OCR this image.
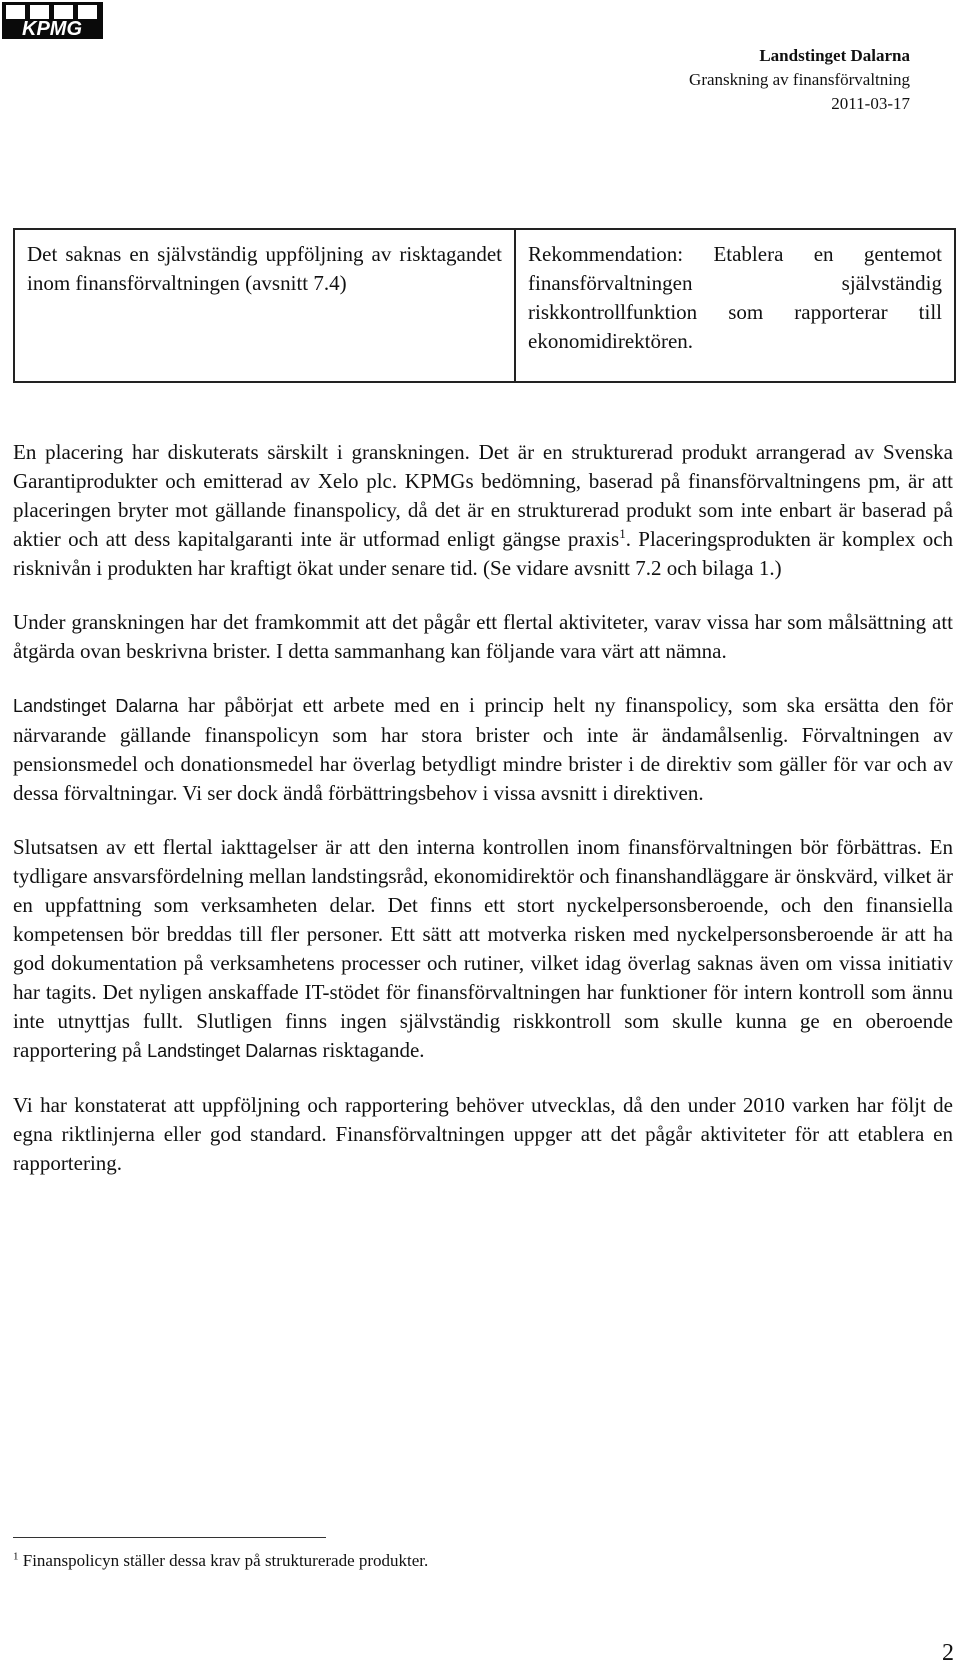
KPMG
Landstinget Dalarna
Granskning av finansförvaltning
2011-03-17
Det saknas en självständig uppföljning av risktagandet inom finansförvaltningen (avsnitt 7.4)	Rekommendation: Etablera en gentemot finansförvaltningen självständig riskkontrollfunktion som rapporterar till ekonomidirektören.

En placering har diskuterats särskilt i granskningen. Det är en strukturerad produkt arrangerad av Svenska Garantiprodukter och emitterad av Xelo plc. KPMGs bedömning, baserad på finansförvaltningens pm, är att placeringen bryter mot gällande finanspolicy, då det är en strukturerad produkt som inte enbart är baserad på aktier och att dess kapitalgaranti inte är utformad enligt gängse praxis$^1$. Placeringsprodukten är komplex och risknivån i produkten har kraftigt ökat under senare tid. (Se vidare avsnitt 7.2 och bilaga 1.)

Under granskningen har det framkommit att det pågår ett flertal aktiviteter, varav vissa har som målsättning att åtgärda ovan beskrivna brister. I detta sammanhang kan följande vara värt att nämna.

Landstinget Dalarna har påbörjat ett arbete med en i princip helt ny finanspolicy, som ska ersätta den för närvarande gällande finanspolicyn som har stora brister och inte är ändamålsenlig. Förvaltningen av pensionsmedel och donationsmedel har överlag betydligt mindre brister i de direktiv som gäller för var och av dessa förvaltningar. Vi ser dock ändå förbättringsbehov i vissa avsnitt i direktiven.

Slutsatsen av ett flertal iakttagelser är att den interna kontrollen inom finansförvaltningen bör förbättras. En tydligare ansvarsfördelning mellan landstingsråd, ekonomidirektör och finanshandläggare är önskvärd, vilket är en uppfattning som verksamheten delar. Det finns ett stort nyckelpersonsberoende, och den finansiella kompetensen bör breddas till fler personer. Ett sätt att motverka risken med nyckelpersonsberoende är att ha god dokumentation på verksamhetens processer och rutiner, vilket idag överlag saknas även om vissa initiativ har tagits. Det nyligen anskaffade IT-stödet för finansförvaltningen har funktioner för intern kontroll som ännu inte utnyttjas fullt. Slutligen finns ingen självständig riskkontroll som skulle kunna ge en oberoende rapportering på Landstinget Dalarnas risktagande.

Vi har konstaterat att uppföljning och rapportering behöver utvecklas, då den under 2010 varken har följt de egna riktlinjerna eller god standard. Finansförvaltningen uppger att det pågår aktiviteter för att etablera en rapportering.

$^1$ Finanspolicyn ställer dessa krav på strukturerade produkter.
2
